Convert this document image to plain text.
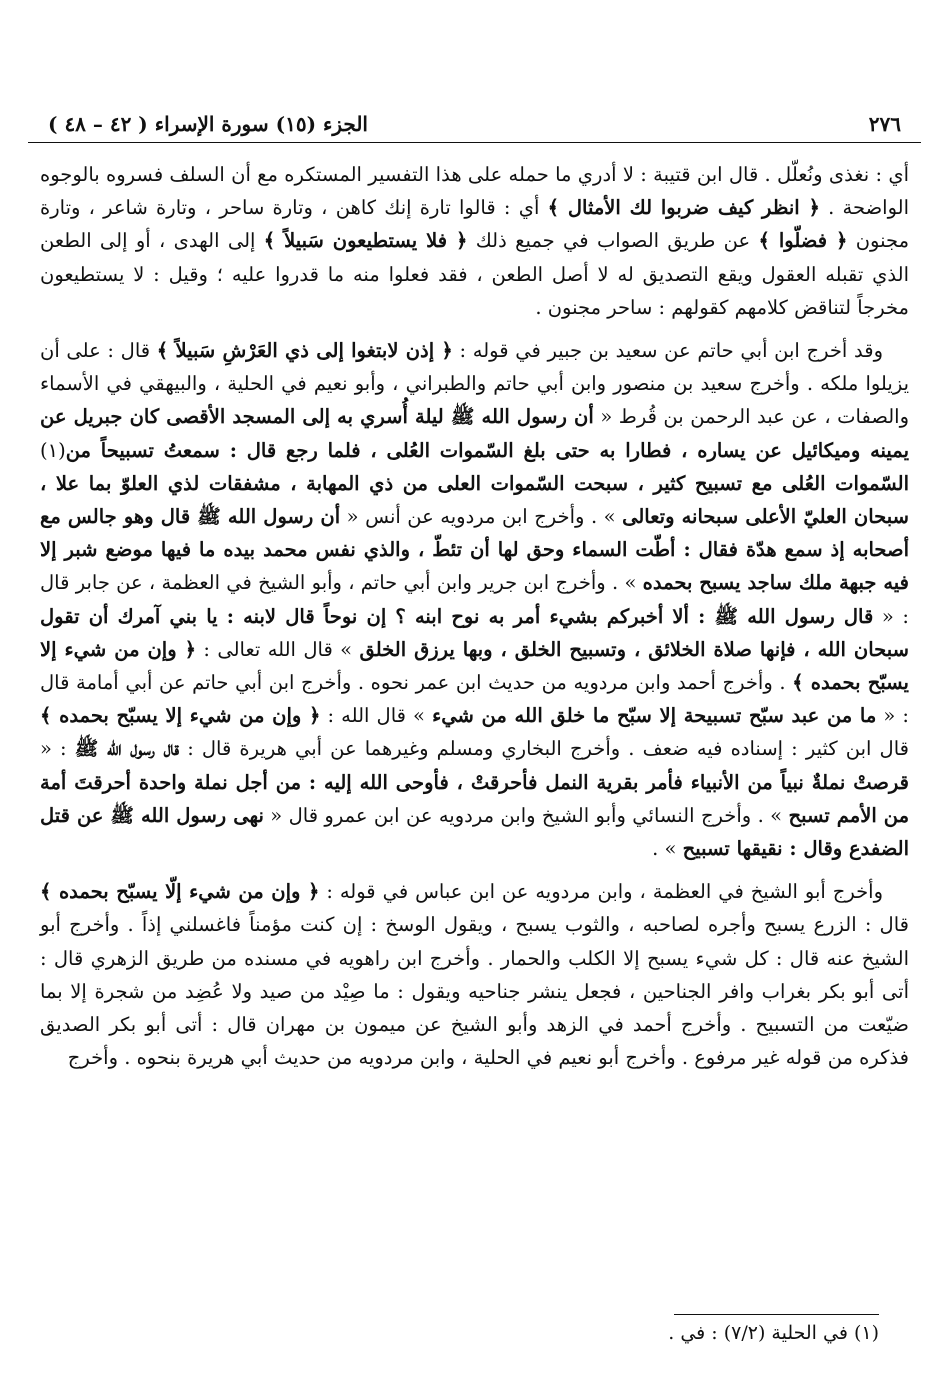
٢٧٦
الجزء (١٥) سورة الإسراء ( ٤٢ – ٤٨ )

أي : نغذى ونُعلّل . قال ابن قتيبة : لا أدري ما حمله على هذا التفسير المستكره مع أن السلف فسروه بالوجوه الواضحة . ﴿ انظر كيف ضربوا لك الأمثال ﴾ أي : قالوا تارة إنك كاهن ، وتارة ساحر ، وتارة شاعر ، وتارة مجنون ﴿ فضلّوا ﴾ عن طريق الصواب في جميع ذلك ﴿ فلا يستطيعون سَبيلاً ﴾ إلى الهدى ، أو إلى الطعن الذي تقبله العقول ويقع التصديق له لا أصل الطعن ، فقد فعلوا منه ما قدروا عليه ؛ وقيل : لا يستطيعون مخرجاً لتناقض كلامهم كقولهم : ساحر مجنون .

وقد أخرج ابن أبي حاتم عن سعيد بن جبير في قوله : ﴿ إذن لابتغوا إلى ذي العَرْشِ سَبيلاً ﴾ قال : على أن يزيلوا ملكه . وأخرج سعيد بن منصور وابن أبي حاتم والطبراني ، وأبو نعيم في الحلية ، والبيهقي في الأسماء والصفات ، عن عبد الرحمن بن قُرط « أن رسول الله ﷺ ليلة أُسري به إلى المسجد الأقصى كان جبريل عن يمينه وميكائيل عن يساره ، فطارا به حتى بلغ السّموات العُلى ، فلما رجع قال : سمعتُ تسبيحاً من(١) السّموات العُلى مع تسبيح كثير ، سبحت السّموات العلى من ذي المهابة ، مشفقات لذي العلوّ بما علا ، سبحان العليّ الأعلى سبحانه وتعالى » . وأخرج ابن مردويه عن أنس « أن رسول الله ﷺ قال وهو جالس مع أصحابه إذ سمع هدّة فقال : أطّت السماء وحق لها أن تئطّ ، والذي نفس محمد بيده ما فيها موضع شبر إلا فيه جبهة ملك ساجد يسبح بحمده » . وأخرج ابن جرير وابن أبي حاتم ، وأبو الشيخ في العظمة ، عن جابر قال : « قال رسول الله ﷺ : ألا أخبركم بشيء أمر به نوح ابنه ؟ إن نوحاً قال لابنه : يا بني آمرك أن تقول سبحان الله ، فإنها صلاة الخلائق ، وتسبيح الخلق ، وبها يرزق الخلق » قال الله تعالى : ﴿ وإن من شيء إلا يسبّح بحمده ﴾ . وأخرج أحمد وابن مردويه من حديث ابن عمر نحوه . وأخرج ابن أبي حاتم عن أبي أمامة قال : « ما من عبد سبّح تسبيحة إلا سبّح ما خلق الله من شيء » قال الله : ﴿ وإن من شيء إلا يسبّح بحمده ﴾ قال ابن كثير : إسناده فيه ضعف . وأخرج البخاري ومسلم وغيرهما عن أبي هريرة قال : قال رسول الله ﷺ : « قرصتْ نملةٌ نبياً من الأنبياء فأمر بقرية النمل فأحرقتْ ، فأوحى الله إليه : من أجل نملة واحدة أحرقتَ أمة من الأمم تسبح » . وأخرج النسائي وأبو الشيخ وابن مردويه عن ابن عمرو قال « نهى رسول الله ﷺ عن قتل الضفدع وقال : نقيقها تسبيح » .

وأخرج أبو الشيخ في العظمة ، وابن مردويه عن ابن عباس في قوله : ﴿ وإن من شيء إلّا يسبّح بحمده ﴾ قال : الزرع يسبح وأجره لصاحبه ، والثوب يسبح ، ويقول الوسخ : إن كنت مؤمناً فاغسلني إذاً . وأخرج أبو الشيخ عنه قال : كل شيء يسبح إلا الكلب والحمار . وأخرج ابن راهويه في مسنده من طريق الزهري قال : أتى أبو بكر بغراب وافر الجناحين ، فجعل ينشر جناحيه ويقول : ما صِيْد من صيد ولا عُضِد من شجرة إلا بما ضيّعت من التسبيح . وأخرج أحمد في الزهد وأبو الشيخ عن ميمون بن مهران قال : أتى أبو بكر الصديق فذكره من قوله غير مرفوع . وأخرج أبو نعيم في الحلية ، وابن مردويه من حديث أبي هريرة بنحوه . وأخرج

(١) في الحلية (٧/٢) : في .
